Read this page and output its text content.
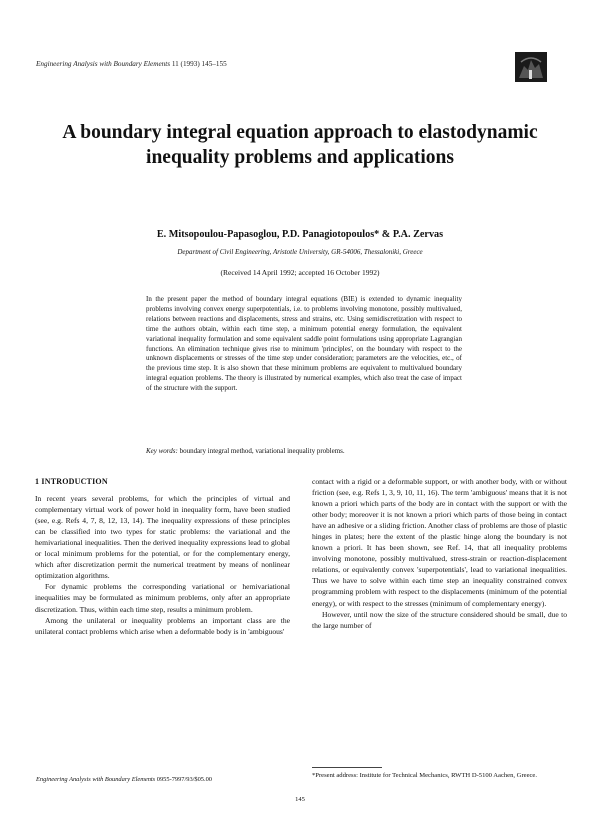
Engineering Analysis with Boundary Elements 11 (1993) 145–155
A boundary integral equation approach to elastodynamic inequality problems and applications
E. Mitsopoulou-Papasoglou, P.D. Panagiotopoulos* & P.A. Zervas
Department of Civil Engineering, Aristotle University, GR-54006, Thessaloniki, Greece
(Received 14 April 1992; accepted 16 October 1992)
In the present paper the method of boundary integral equations (BIE) is extended to dynamic inequality problems involving convex energy superpotentials, i.e. to problems involving monotone, possibly multivalued, relations between reactions and displacements, stress and strains, etc. Using semidiscretization with respect to time the authors obtain, within each time step, a minimum potential energy formulation, the equivalent variational inequality formulation and some equivalent saddle point formulations using appropriate Lagrangian functions. An elimination technique gives rise to minimum 'principles', on the boundary with respect to the unknown displacements or stresses of the time step under consideration; parameters are the velocities, etc., of the previous time step. It is also shown that these minimum problems are equivalent to multivalued boundary integral equation problems. The theory is illustrated by numerical examples, which also treat the case of impact of the structure with the support.
Key words: boundary integral method, variational inequality problems.
1 INTRODUCTION

In recent years several problems, for which the principles of virtual and complementary virtual work of power hold in inequality form, have been studied (see, e.g. Refs 4, 7, 8, 12, 13, 14). The inequality expressions of these principles can be classified into two types for static problems: the variational and the hemivariational inequalities. Then the derived inequality expressions lead to global or local minimum problems for the potential, or for the complementary energy, which after discretization permit the numerical treatment by means of nonlinear optimization algorithms.

For dynamic problems the corresponding variational or hemivariational inequalities may be formulated as minimum problems, only after an appropriate discretization. Thus, within each time step, results a minimum problem.

Among the unilateral or inequality problems an important class are the unilateral contact problems which arise when a deformable body is in 'ambiguous'

contact with a rigid or a deformable support, or with another body, with or without friction (see, e.g. Refs 1, 3, 9, 10, 11, 16). The term 'ambiguous' means that it is not known a priori which parts of the body are in contact with the support or with the other body; moreover it is not known a priori which parts of those being in contact have an adhesive or a sliding friction. Another class of problems are those of plastic hinges in plates; here the extent of the plastic hinge along the boundary is not known a priori. It has been shown, see Ref. 14, that all inequality problems involving monotone, possibly multivalued, stress-strain or reaction-displacement relations, or equivalently convex 'superpotentials', lead to variational inequalities. Thus we have to solve within each time step an inequality constrained convex programming problem with respect to the displacements (minimum of the potential energy), or with respect to the stresses (minimum of complementary energy).

However, until now the size of the structure considered should be small, due to the large number of

Engineering Analysis with Boundary Elements 0955-7997/93/$05.00
*Present address: Institute for Technical Mechanics, RWTH D-5100 Aachen, Greece.
145
